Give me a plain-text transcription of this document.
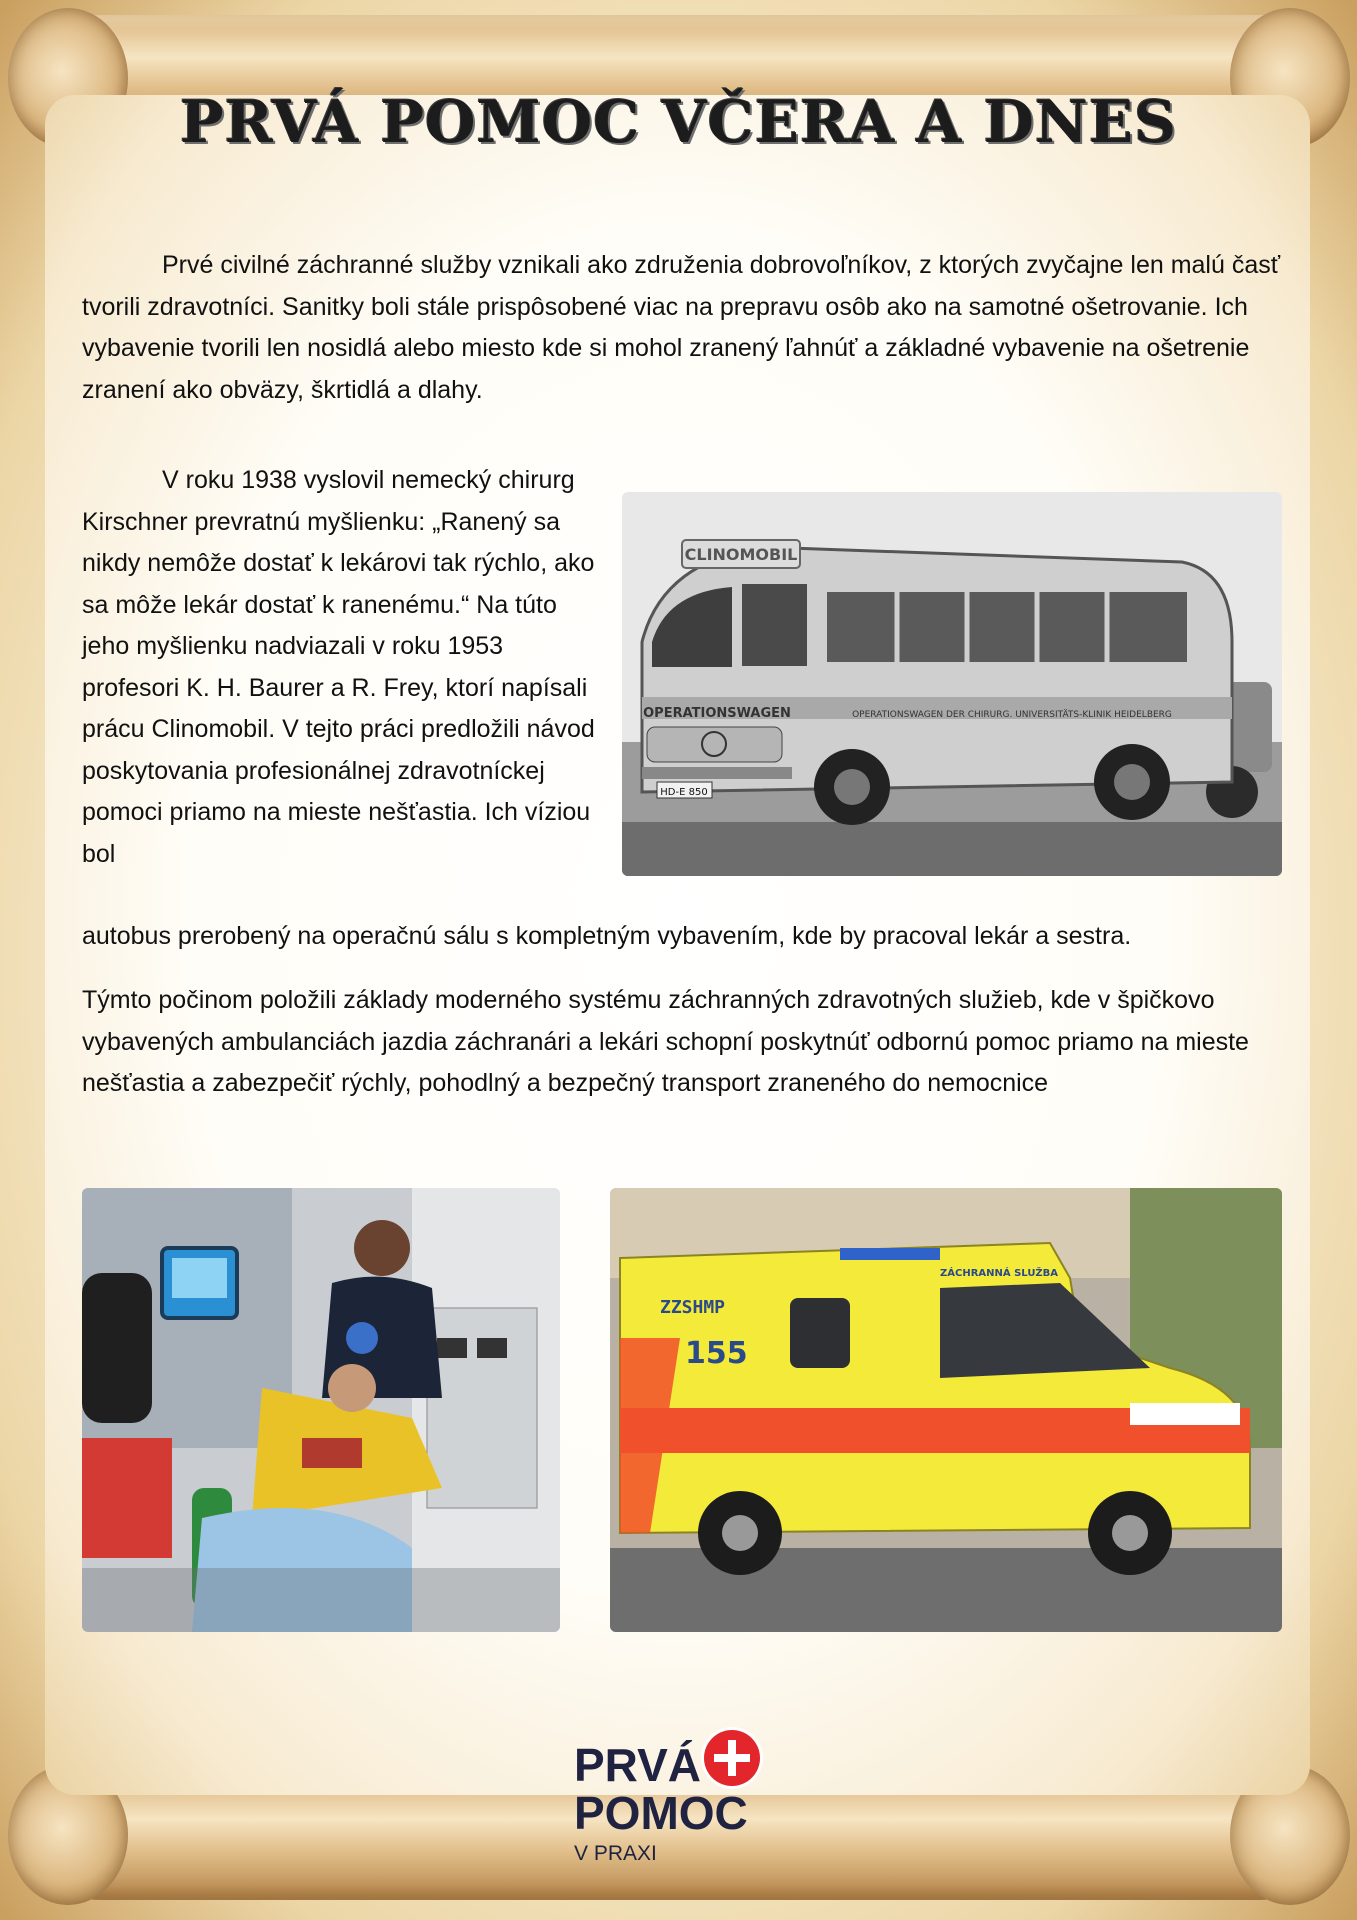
PRVÁ POMOC VČERA A DNES
Prvé civilné záchranné služby vznikali ako združenia dobrovoľníkov, z ktorých zvyčajne len malú časť tvorili zdravotníci. Sanitky boli stále prispôsobené viac na prepravu osôb ako na samotné ošetrovanie. Ich vybavenie tvorili len nosidlá alebo miesto kde si mohol zranený ľahnúť a základné vybavenie na ošetrenie zranení ako obväzy, škrtidlá a dlahy.
V roku 1938 vyslovil nemecký chirurg Kirschner prevratnú myšlienku: „Ranený sa nikdy nemôže dostať k lekárovi tak rýchlo, ako sa môže lekár dostať k ranenému.“ Na túto jeho myšlienku nadviazali v roku 1953 profesori K. H. Baurer a R. Frey, ktorí napísali prácu Clinomobil. V tejto práci predložili návod poskytovania profesionálnej zdravotníckej pomoci priamo na mieste nešťastia. Ich víziou bol
autobus prerobený na operačnú sálu s kompletným vybavením, kde by pracoval lekár a sestra.
Týmto počinom položili základy moderného systému záchranných zdravotných služieb, kde v špičkovo vybavených ambulanciách jazdia záchranári a lekári schopní poskytnúť odbornú pomoc priamo na mieste nešťastia a zabezpečiť rýchly, pohodlný a bezpečný transport zraneného do nemocnice
CLINOMOBIL
OPERATIONSWAGEN	OPERATIONSWAGEN DER CHIRURG. UNIVERSITÄTS-KLINIK HEIDELBERG
HD-E 850
ZZSHMP
155
ZÁCHRANNÁ SLUŽBA
PRVÁ
POMOC
V PRAXI
